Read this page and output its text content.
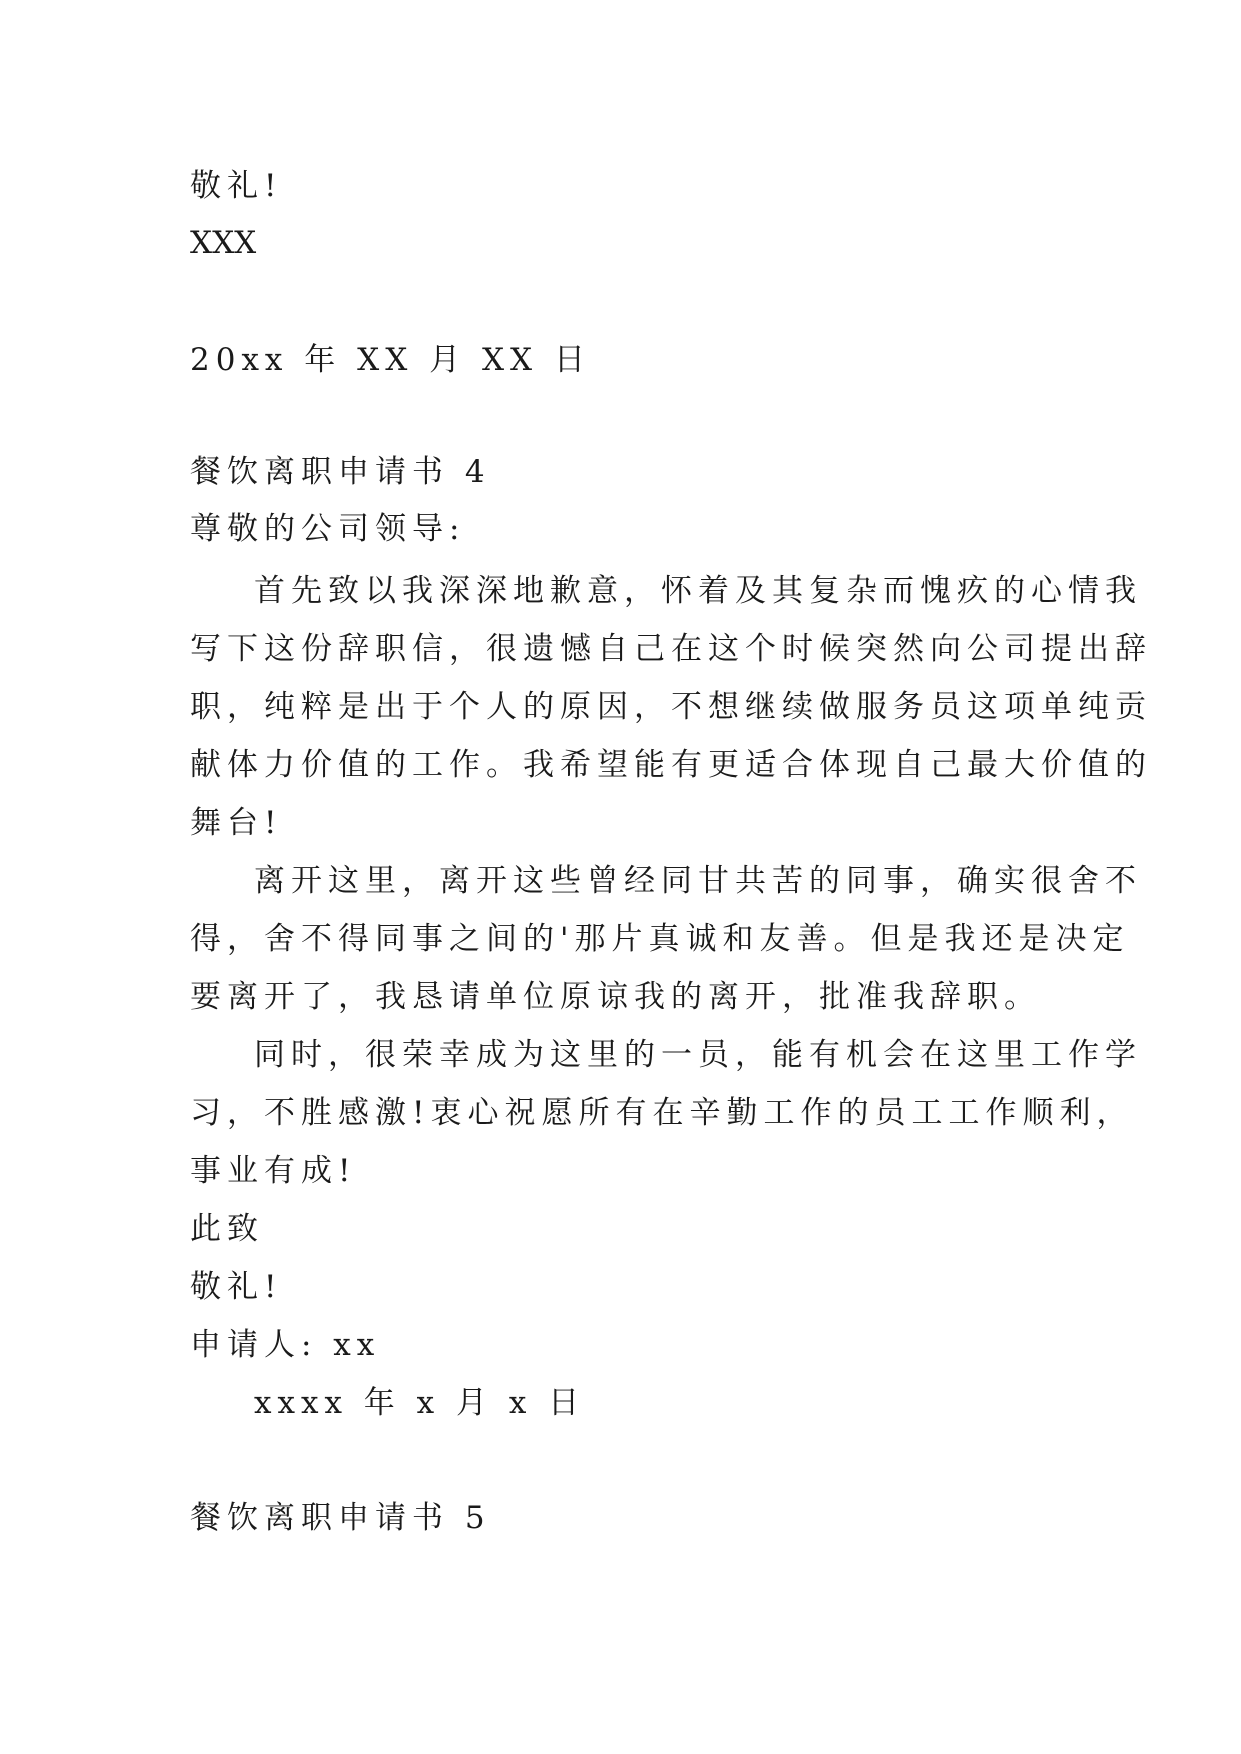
敬礼!
XXX
20xx 年 XX 月 XX 日
餐饮离职申请书 4
尊敬的公司领导:
首先致以我深深地歉意，怀着及其复杂而愧疚的心情我
写下这份辞职信，很遗憾自己在这个时候突然向公司提出辞
职，纯粹是出于个人的原因，不想继续做服务员这项单纯贡
献体力价值的工作。我希望能有更适合体现自己最大价值的
舞台!
离开这里，离开这些曾经同甘共苦的同事，确实很舍不
得，舍不得同事之间的'那片真诚和友善。但是我还是决定
要离开了，我恳请单位原谅我的离开，批准我辞职。
同时，很荣幸成为这里的一员，能有机会在这里工作学
习，不胜感激!衷心祝愿所有在辛勤工作的员工工作顺利，
事业有成!
此致
敬礼!
申请人: xx
xxxx 年 x 月 x 日
餐饮离职申请书 5
